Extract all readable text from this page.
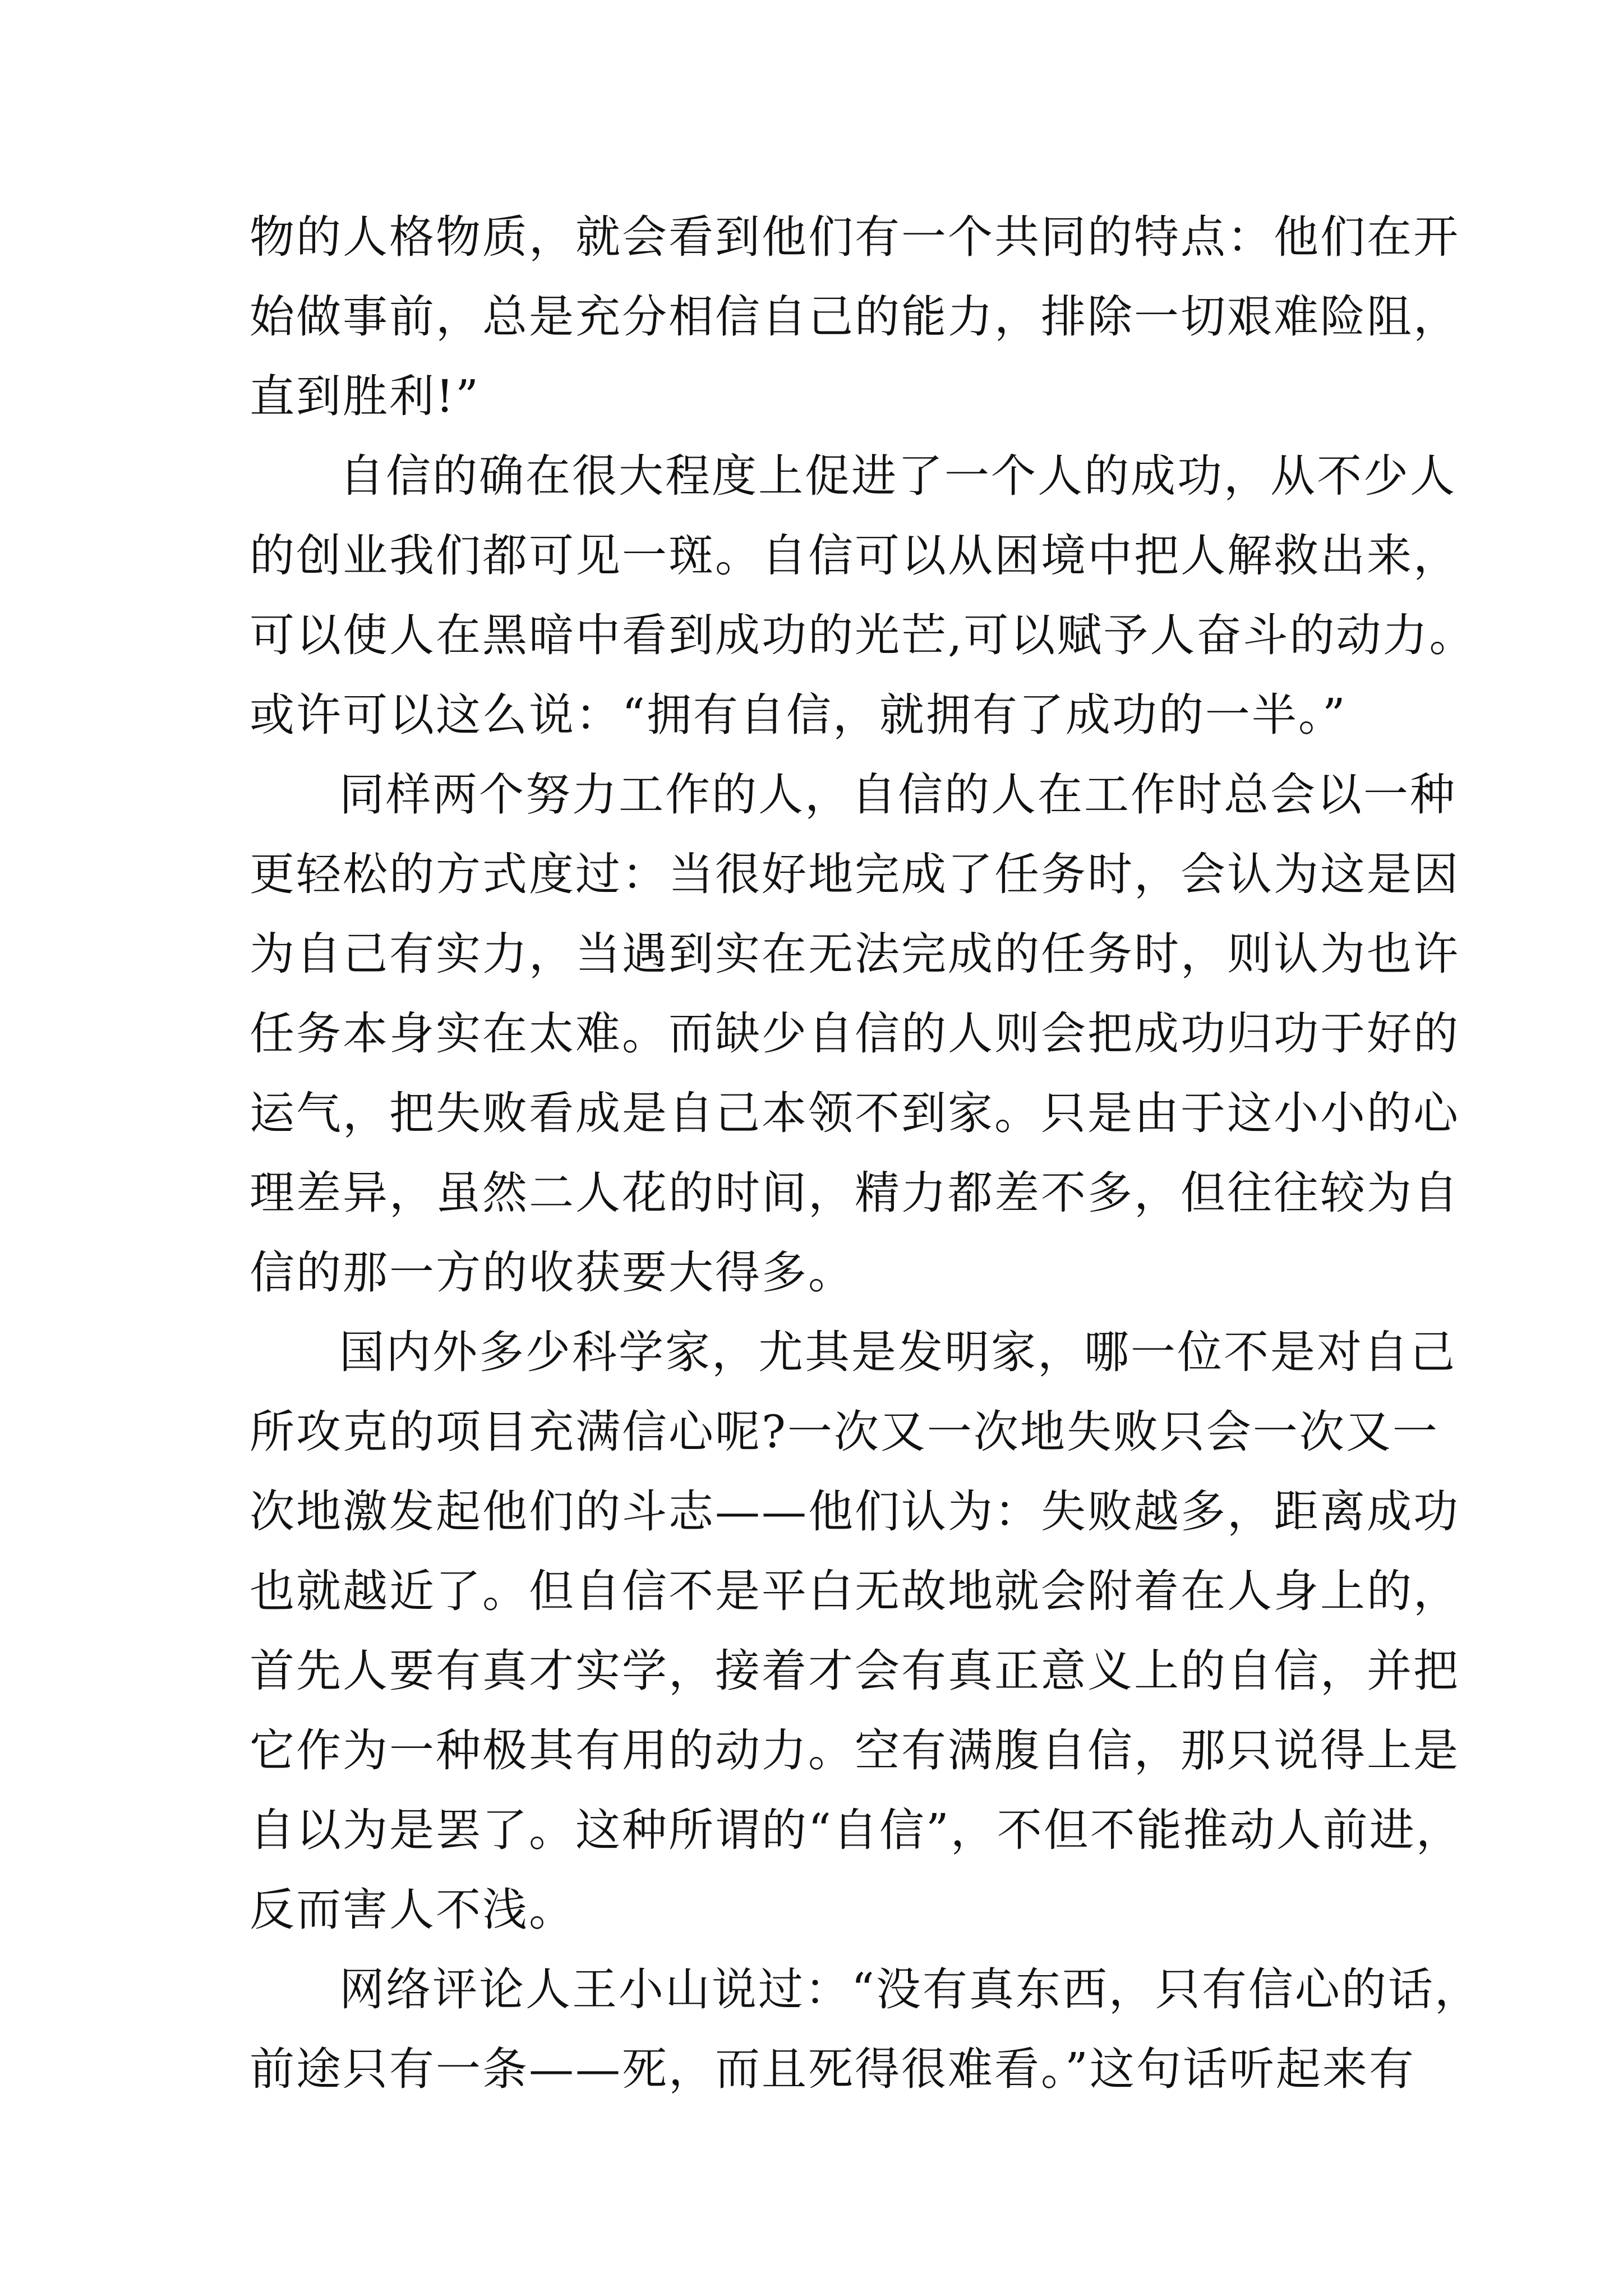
物的人格物质，就会看到他们有一个共同的特点：他们在开
始做事前，总是充分相信自己的能力，排除一切艰难险阻，
直到胜利!”
自信的确在很大程度上促进了一个人的成功，从不少人
的创业我们都可见一斑。自信可以从困境中把人解救出来，
可以使人在黑暗中看到成功的光芒,可以赋予人奋斗的动力。
或许可以这么说：“拥有自信，就拥有了成功的一半。”
同样两个努力工作的人，自信的人在工作时总会以一种
更轻松的方式度过：当很好地完成了任务时，会认为这是因
为自己有实力，当遇到实在无法完成的任务时，则认为也许
任务本身实在太难。而缺少自信的人则会把成功归功于好的
运气，把失败看成是自己本领不到家。只是由于这小小的心
理差异，虽然二人花的时间，精力都差不多，但往往较为自
信的那一方的收获要大得多。
国内外多少科学家，尤其是发明家，哪一位不是对自己
所攻克的项目充满信心呢?一次又一次地失败只会一次又一
次地激发起他们的斗志——他们认为：失败越多，距离成功
也就越近了。但自信不是平白无故地就会附着在人身上的，
首先人要有真才实学，接着才会有真正意义上的自信，并把
它作为一种极其有用的动力。空有满腹自信，那只说得上是
自以为是罢了。这种所谓的“自信”，不但不能推动人前进，
反而害人不浅。
网络评论人王小山说过：“没有真东西，只有信心的话，
前途只有一条——死，而且死得很难看。”这句话听起来有
